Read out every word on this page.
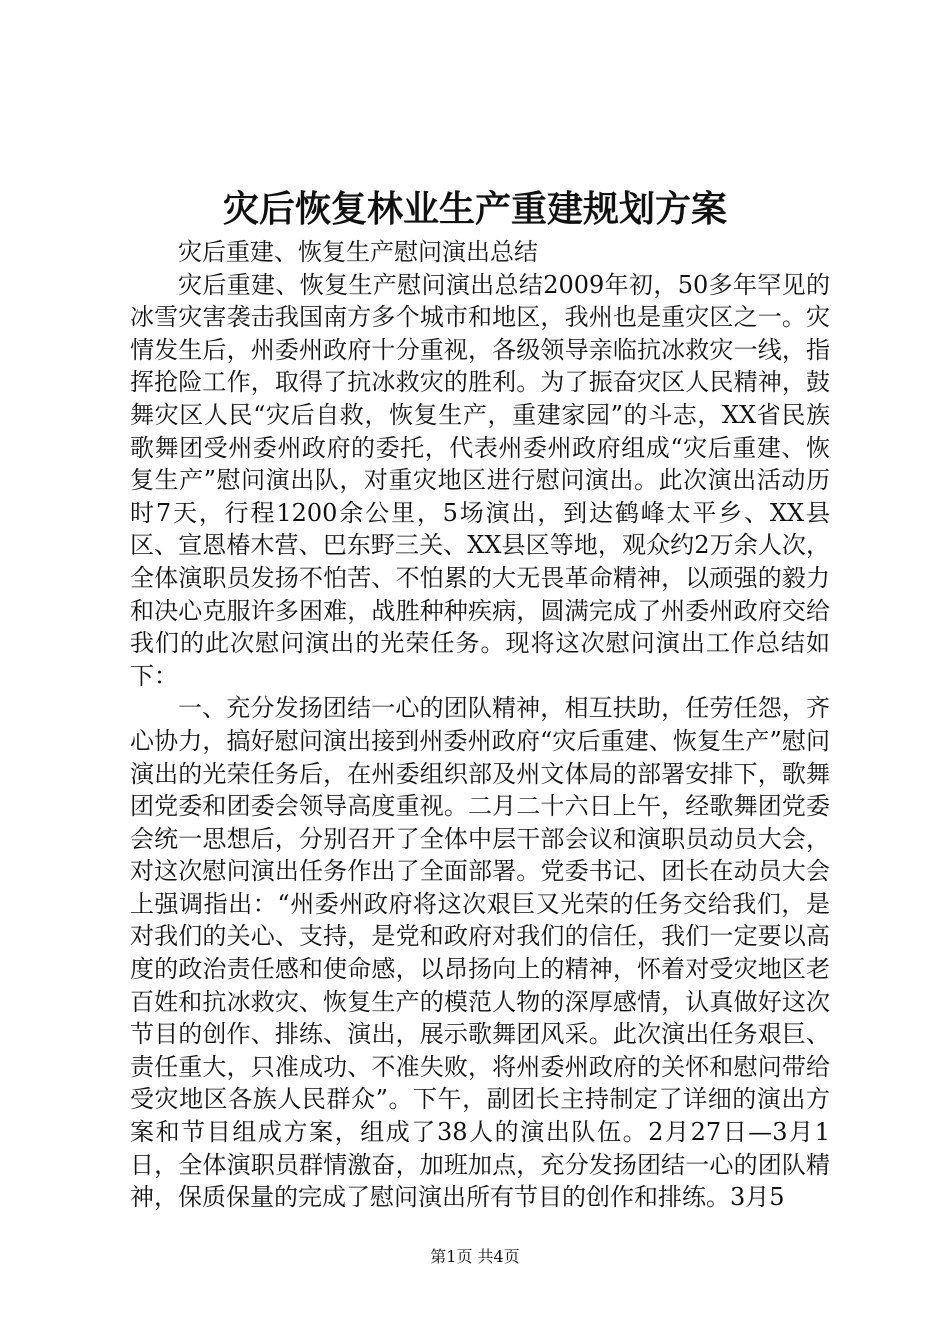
灾后恢复林业生产重建规划方案

灾后重建、恢复生产慰问演出总结

灾后重建、恢复生产慰问演出总结2009年初，50多年罕见的冰雪灾害袭击我国南方多个城市和地区，我州也是重灾区之一。灾情发生后，州委州政府十分重视，各级领导亲临抗冰救灾一线，指挥抢险工作，取得了抗冰救灾的胜利。为了振奋灾区人民精神，鼓舞灾区人民“灾后自救，恢复生产，重建家园”的斗志，XX省民族歌舞团受州委州政府的委托，代表州委州政府组成“灾后重建、恢复生产”慰问演出队，对重灾地区进行慰问演出。此次演出活动历时7天，行程1200余公里，5场演出，到达鹤峰太平乡、XX县区、宣恩椿木营、巴东野三关、XX县区等地，观众约2万余人次，全体演职员发扬不怕苦、不怕累的大无畏革命精神，以顽强的毅力和决心克服许多困难，战胜种种疾病，圆满完成了州委州政府交给我们的此次慰问演出的光荣任务。现将这次慰问演出工作总结如下：

一、充分发扬团结一心的团队精神，相互扶助，任劳任怨，齐心协力，搞好慰问演出接到州委州政府“灾后重建、恢复生产”慰问演出的光荣任务后，在州委组织部及州文体局的部署安排下，歌舞团党委和团委会领导高度重视。二月二十六日上午，经歌舞团党委会统一思想后，分别召开了全体中层干部会议和演职员动员大会，对这次慰问演出任务作出了全面部署。党委书记、团长在动员大会上强调指出：“州委州政府将这次艰巨又光荣的任务交给我们，是对我们的关心、支持，是党和政府对我们的信任，我们一定要以高度的政治责任感和使命感，以昂扬向上的精神，怀着对受灾地区老百姓和抗冰救灾、恢复生产的模范人物的深厚感情，认真做好这次节目的创作、排练、演出，展示歌舞团风采。此次演出任务艰巨、责任重大，只准成功、不准失败，将州委州政府的关怀和慰问带给受灾地区各族人民群众”。下午，副团长主持制定了详细的演出方案和节目组成方案，组成了38人的演出队伍。2月27日—3月1日，全体演职员群情激奋，加班加点，充分发扬团结一心的团队精神，保质保量的完成了慰问演出所有节目的创作和排练。3月5

第1页 共4页
